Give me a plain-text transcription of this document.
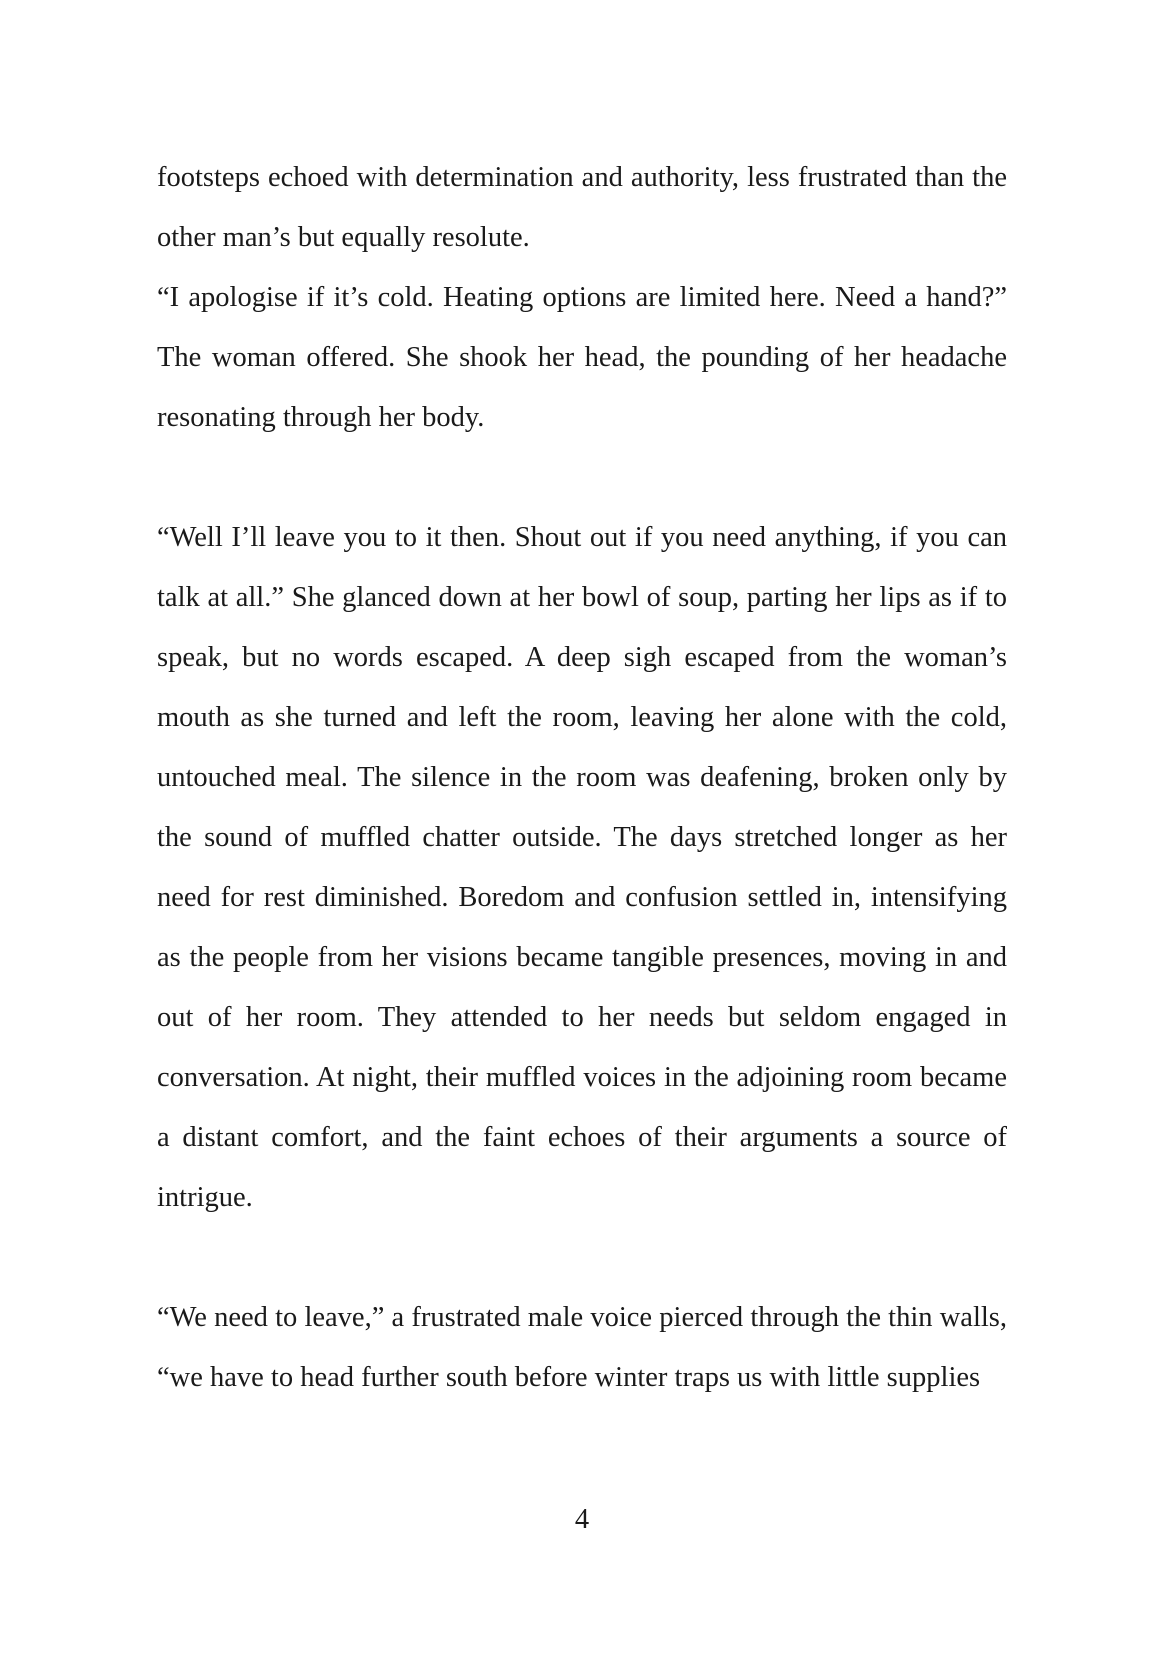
footsteps echoed with determination and authority, less frustrated than the other man’s but equally resolute.

“I apologise if it’s cold. Heating options are limited here. Need a hand?” The woman offered. She shook her head, the pounding of her headache resonating through her body.

“Well I’ll leave you to it then. Shout out if you need anything, if you can talk at all.” She glanced down at her bowl of soup, parting her lips as if to speak, but no words escaped. A deep sigh escaped from the woman’s mouth as she turned and left the room, leaving her alone with the cold, untouched meal. The silence in the room was deafening, broken only by the sound of muffled chatter outside. The days stretched longer as her need for rest diminished. Boredom and confusion settled in, intensifying as the people from her visions became tangible presences, moving in and out of her room. They attended to her needs but seldom engaged in conversation. At night, their muffled voices in the adjoining room became a distant comfort, and the faint echoes of their arguments a source of intrigue.

“We need to leave,” a frustrated male voice pierced through the thin walls, “we have to head further south before winter traps us with little supplies

4
